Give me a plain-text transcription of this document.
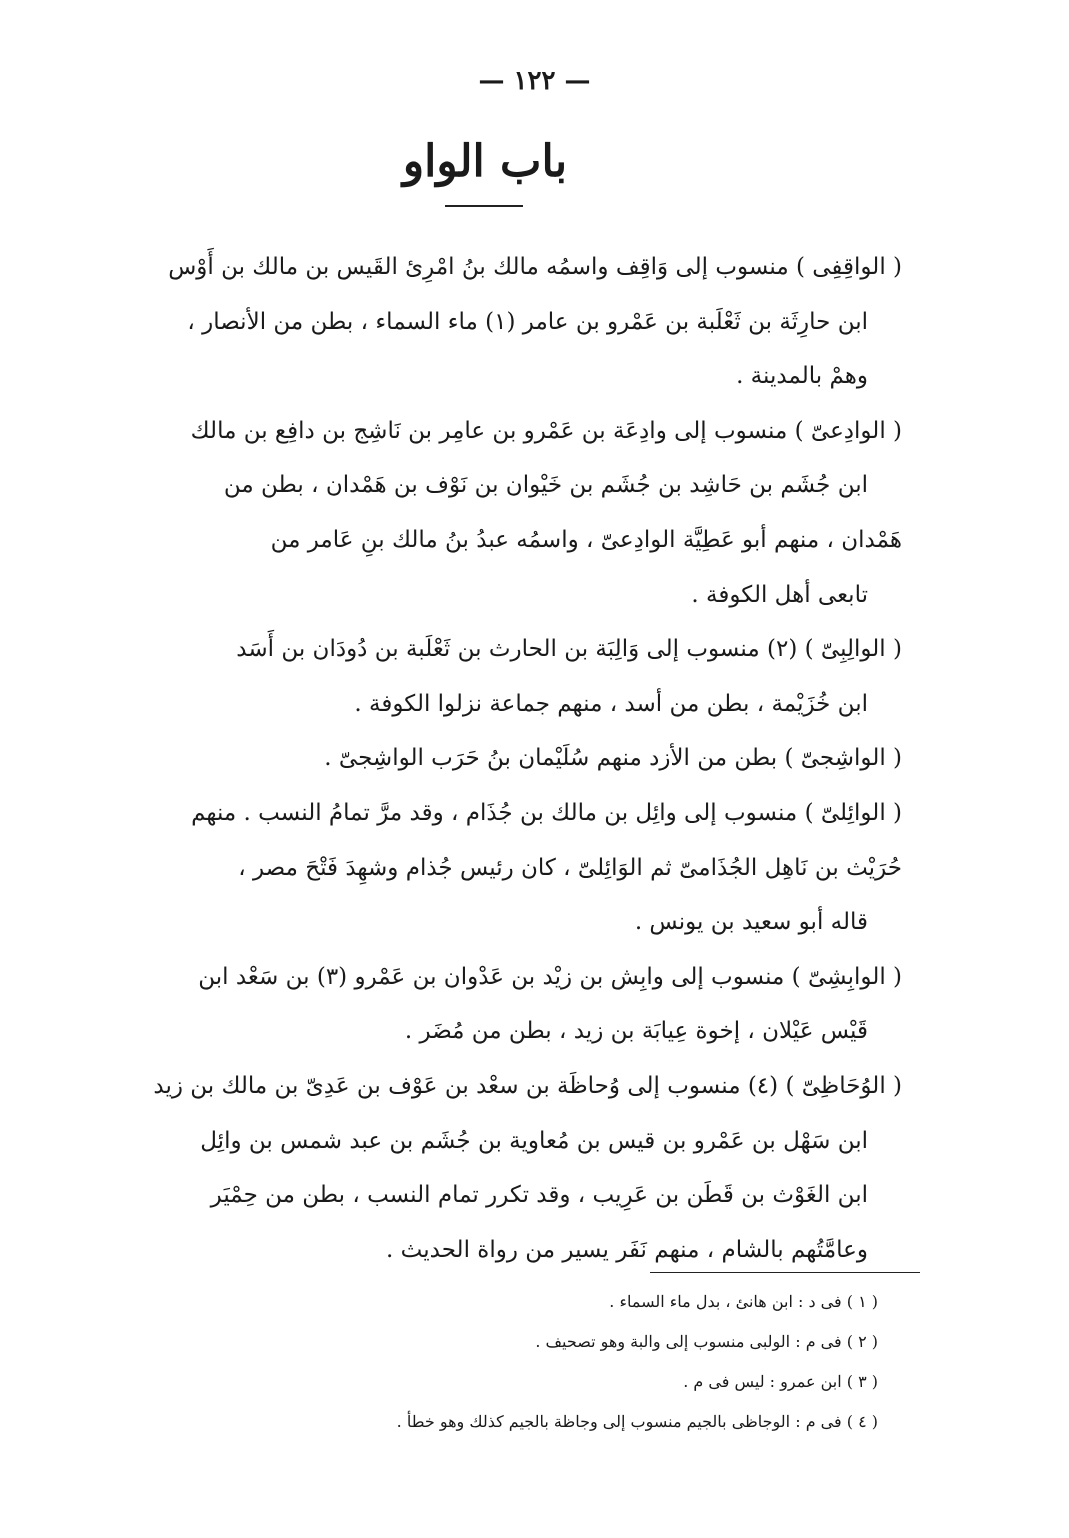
— ١٢٢ —
باب الواو
( الواقِفِى ) منسوب إلى وَاقِف واسمُه مالك بنُ امْرِئ القَيس بن مالك بن أَوْس
ابن حارِثَة بن ثَعْلَبة بن عَمْرو بن عامر (١) ماء السماء ، بطن من الأنصار ،
وهمْ بالمدينة .
( الوادِعىّ ) منسوب إلى وادِعَة بن عَمْرو بن عامِر بن نَاشِج بن دافِع بن مالك
ابن جُشَم بن حَاشِد بن جُشَم بن خَيْوان بن نَوْف بن هَمْدان ، بطن من
هَمْدان ، منهم أبو عَطِيَّة الوادِعىّ ، واسمُه عبدُ بنُ مالك بنِ عَامر من
تابعى أهل الكوفة .
( الوالِبِىّ ) (٢) منسوب إلى وَالِبَة بن الحارث بن ثَعْلَبة بن دُودَان بن أَسَد
ابن خُزَيْمة ، بطن من أسد ، منهم جماعة نزلوا الكوفة .
( الواشِجىّ ) بطن من الأزد منهم سُلَيْمان بنُ حَرَب الواشِجىّ .
( الوائِلىّ ) منسوب إلى وائِل بن مالك بن جُذَام ، وقد مرَّ تمامُ النسب . منهم
حُرَيْث بن نَاهِل الجُذَامىّ ثم الوَائِلىّ ، كان رئيس جُذام وشهِدَ فَتْحَ مصر ،
قاله أبو سعيد بن يونس .
( الوابِشِىّ ) منسوب إلى وابِش بن زيْد بن عَدْوان بن عَمْرو (٣) بن سَعْد ابن
قَيْس عَيْلان ، إخوة عِيابَة بن زيد ، بطن من مُضَر .
( الوُحَاظِىّ ) (٤) منسوب إلى وُحاظَة بن سعْد بن عَوْف بن عَدِىّ بن مالك بن زيد
ابن سَهْل بن عَمْرو بن قيس بن مُعاوية بن جُشَم بن عبد شمس بن وائِل
ابن الغَوْث بن قَطَن بن عَرِيب ، وقد تكرر تمام النسب ، بطن من حِمْيَر
وعامَّتُهم بالشام ، منهم نَفَر يسير من رواة الحديث .
( ١ ) فى د : ابن هانئ ، بدل ماء السماء .
( ٢ ) فى م : الولبى منسوب إلى والبة وهو تصحيف .
( ٣ ) ابن عمرو : ليس فى م .
( ٤ ) فى م : الوجاظى بالجيم منسوب إلى وجاظة بالجيم كذلك وهو خطأ .
